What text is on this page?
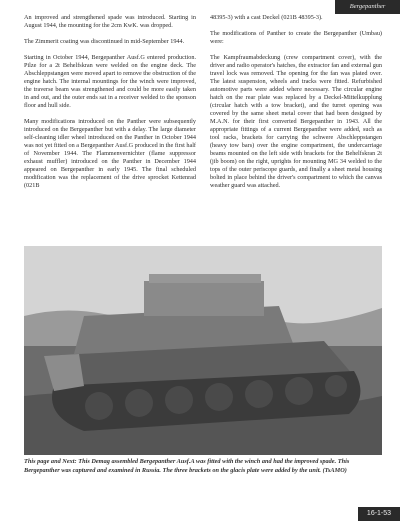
Bergepanther

An improved and strengthened spade was introduced. Starting in August 1944, the mounting for the 2cm KwK. was dropped.

The Zimmerit coating was discontinued in mid-September 1944.

Starting in October 1944, Bergepanther Ausf.G entered production. Pilze for a 2t Behelfskran were welded on the engine deck. The Abschleppstangen were moved apart to remove the obstruction of the engine hatch. The internal mountings for the winch were improved, the traverse beam was strengthened and could be more easily taken in and out, and the outer ends sat in a receiver welded to the sponson floor and hull side.

Many modifications introduced on the Panther were subsequently introduced on the Bergepanther but with a delay. The large diameter self-cleaning idler wheel introduced on the Panther in October 1944 was not yet fitted on a Bergepanther Ausf.G produced in the first half of November 1944. The Flammenvernichter (flame suppressor exhaust muffler) introduced on the Panther in December 1944 appeared on Bergepanther in early 1945. The final scheduled modification was the replacement of the drive sprocket Kettenrad (021B

48395-3) with a cast Deckel (021B 48395-3).

The modifications of Panther to create the Bergepanther (Umbau) were:

The Kampfraumabdeckung (crew compartment cover), with the driver and radio operator's hatches, the extractor fan and external gun travel lock was removed. The opening for the fan was plated over. The latest suspension, wheels and tracks were fitted. Refurbished automotive parts were added where necessary. The circular engine hatch on the rear plate was replaced by a Deckel-Mittelkupplung (circular hatch with a tow bracket), and the turret opening was covered by the same sheet metal cover that had been designed by M.A.N. for their first converted Bergepanther in 1943. All the appropriate fittings of a current Bergepanther were added, such as tool racks, brackets for carrying the schwere Abschleppstangen (heavy tow bars) over the engine compartment, the undercarriage beams mounted on the left side with brackets for the Behelfskran 2t (jib boom) on the right, uprights for mounting MG 34 welded to the tops of the outer periscope guards, and finally a sheet metal housing bolted in place behind the driver's compartment to which the canvas weather guard was attached.

This page and Next: This Demag assembled Bergepanther Ausf.A was fitted with the winch and had the improved spade. This Bergepanther was captured and examined in Russia. The three brackets on the glacis plate were added by the unit. (TsAMO)
16-1-53
